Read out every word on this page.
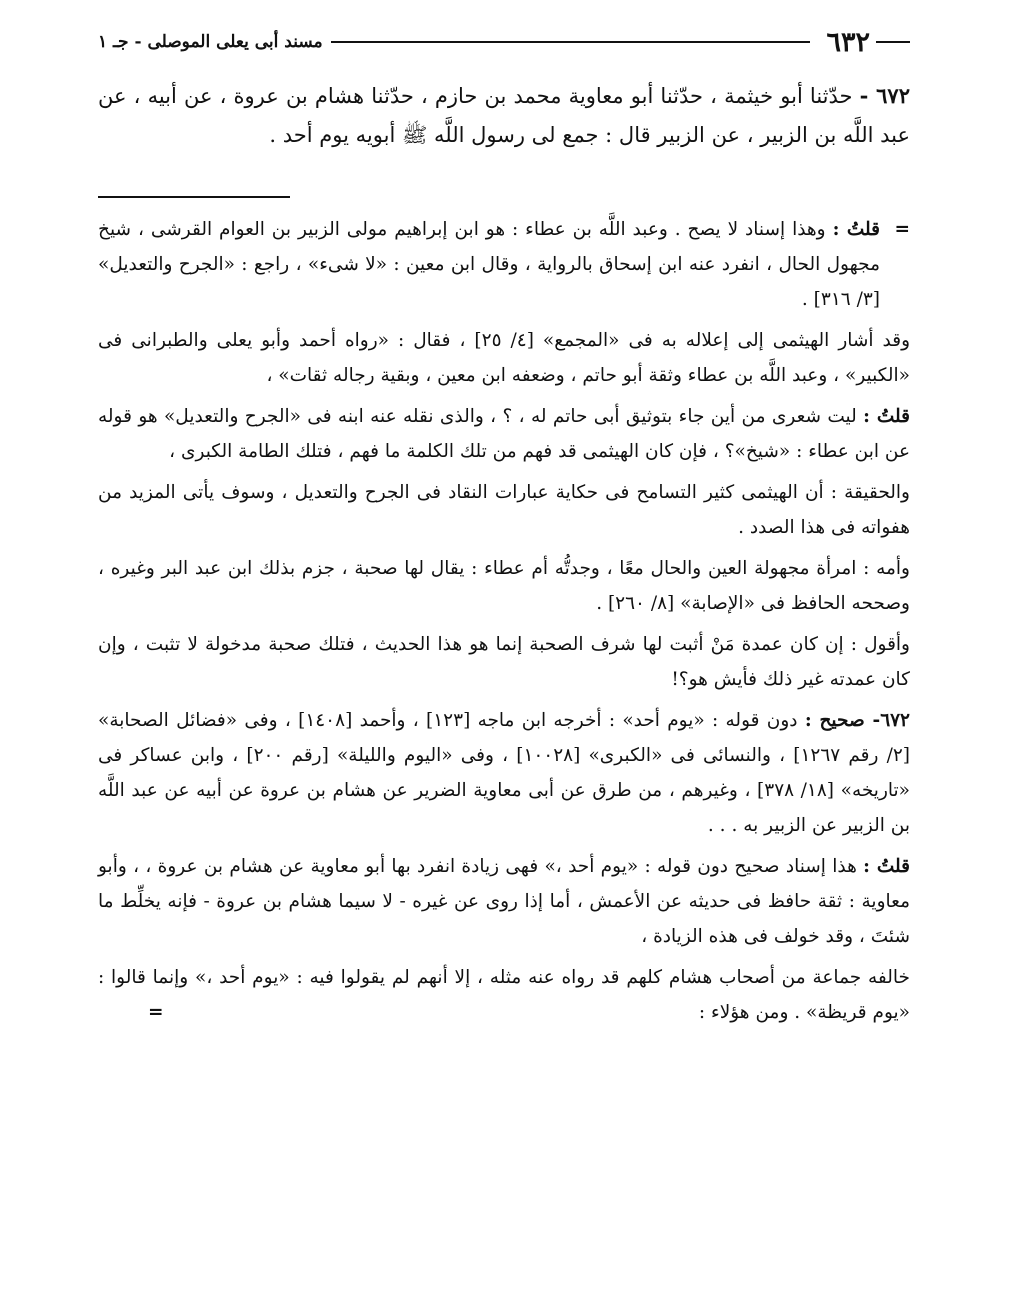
٦٣٢
مسند أبى يعلى الموصلى - جـ ١
٦٧٢ - حدّثنا أبو خيثمة ، حدّثنا أبو معاوية محمد بن حازم ، حدّثنا هشام بن عروة ، عن أبيه ، عن عبد اللَّه بن الزبير ، عن الزبير قال : جمع لى رسول اللَّه ﷺ أبويه يوم أحد .

=
قلتُ : وهذا إسناد لا يصح . وعبد اللَّه بن عطاء : هو ابن إبراهيم مولى الزبير بن العوام القرشى ، شيخ مجهول الحال ، انفرد عنه ابن إسحاق بالرواية ، وقال ابن معين : «لا شىء» ، راجع : «الجرح والتعديل» [٣/ ٣١٦] .

وقد أشار الهيثمى إلى إعلاله به فى «المجمع» [٤/ ٢٥] ، فقال : «رواه أحمد وأبو يعلى والطبرانى فى «الكبير» ، وعبد اللَّه بن عطاء وثقة أبو حاتم ، وضعفه ابن معين ، وبقية رجاله ثقات» ،

قلتُ : ليت شعرى من أين جاء بتوثيق أبى حاتم له ، ؟ ، والذى نقله عنه ابنه فى «الجرح والتعديل» هو قوله عن ابن عطاء : «شيخ»؟ ، فإن كان الهيثمى قد فهم من تلك الكلمة ما فهم ، فتلك الطامة الكبرى ،

والحقيقة : أن الهيثمى كثير التسامح فى حكاية عبارات النقاد فى الجرح والتعديل ، وسوف يأتى المزيد من هفواته فى هذا الصدد .

وأمه : امرأة مجهولة العين والحال معًا ، وجدتُّه أم عطاء : يقال لها صحبة ، جزم بذلك ابن عبد البر وغيره ، وصححه الحافظ فى «الإصابة» [٨/ ٢٦٠] .

وأقول : إن كان عمدة مَنْ أثبت لها شرف الصحبة إنما هو هذا الحديث ، فتلك صحبة مدخولة لا تثبت ، وإن كان عمدته غير ذلك فأيش هو؟!

٦٧٢- صحيح : دون قوله : «يوم أحد» : أخرجه ابن ماجه [١٢٣] ، وأحمد [١٤٠٨] ، وفى «فضائل الصحابة» [٢/ رقم ١٢٦٧] ، والنسائى فى «الكبرى» [١٠٠٢٨] ، وفى «اليوم والليلة» [رقم ٢٠٠] ، وابن عساكر فى «تاريخه» [١٨/ ٣٧٨] ، وغيرهم ، من طرق عن أبى معاوية الضرير عن هشام بن عروة عن أبيه عن عبد اللَّه بن الزبير عن الزبير به . . .

قلتُ : هذا إسناد صحيح دون قوله : «يوم أحد ،» فهى زيادة انفرد بها أبو معاوية عن هشام بن عروة ، ، وأبو معاوية : ثقة حافظ فى حديثه عن الأعمش ، أما إذا روى عن غيره - لا سيما هشام بن عروة - فإنه يخلِّط ما شئتَ ، وقد خولف فى هذه الزيادة ،

خالفه جماعة من أصحاب هشام كلهم قد رواه عنه مثله ، إلا أنهم لم يقولوا فيه : «يوم أحد ،» وإنما قالوا : «يوم قريظة» . ومن هؤلاء :
=
